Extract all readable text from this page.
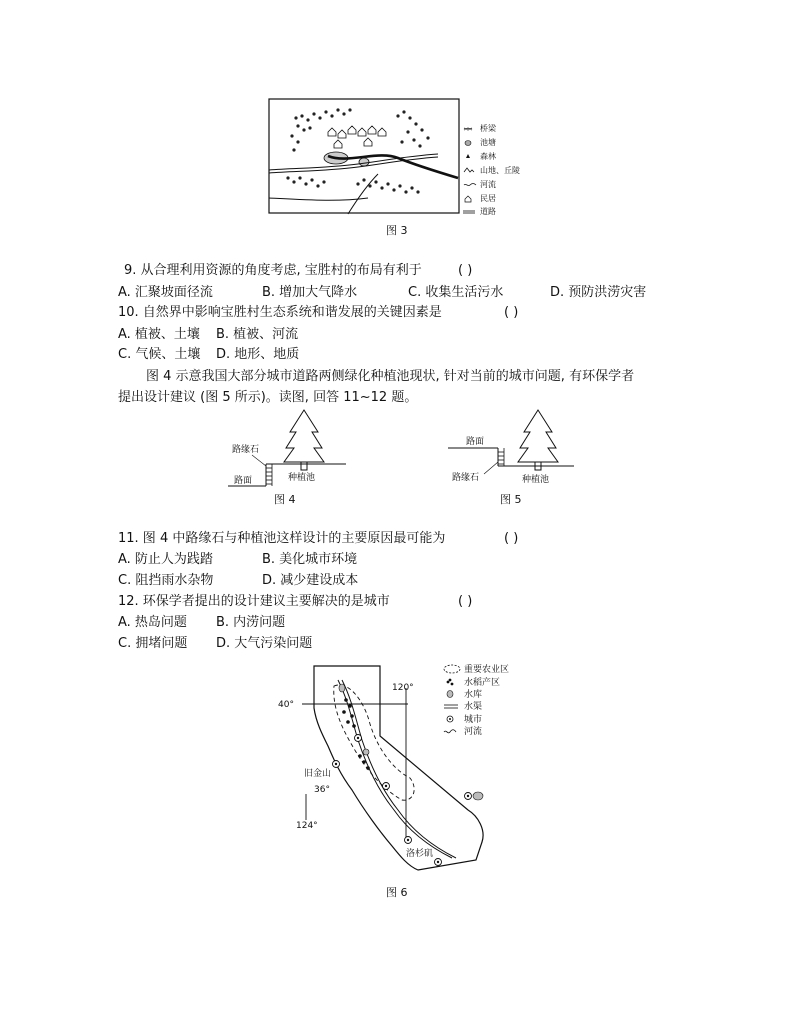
桥梁
池塘
森林
山地、丘陵
河流
民居
道路
图 3
9. 从合理利用资源的角度考虑, 宝胜村的布局有利于	( )
A. 汇聚坡面径流	B. 增加大气降水	C. 收集生活污水	D. 预防洪涝灾害
10. 自然界中影响宝胜村生态系统和谐发展的关键因素是	( )
A. 植被、土壤 B. 植被、河流
C. 气候、土壤 D. 地形、地质
图 4 示意我国大部分城市道路两侧绿化种植池现状, 针对当前的城市问题, 有环保学者
提出设计建议 (图 5 所示)。读图, 回答 11~12 题。
路缘石
路面	种植池
图 4
路面
路缘石	种植池
图 5
11. 图 4 中路缘石与种植池这样设计的主要原因最可能为	( )
A. 防止人为践踏	B. 美化城市环境
C. 阻挡雨水杂物	D. 减少建设成本
12. 环保学者提出的设计建议主要解决的是城市	( )
A. 热岛问题 B. 内涝问题
C. 拥堵问题 D. 大气污染问题
40°
120°
旧金山
36°
124°
洛杉矶
重要农业区
水稻产区
水库
水渠
城市
河流
图 6
